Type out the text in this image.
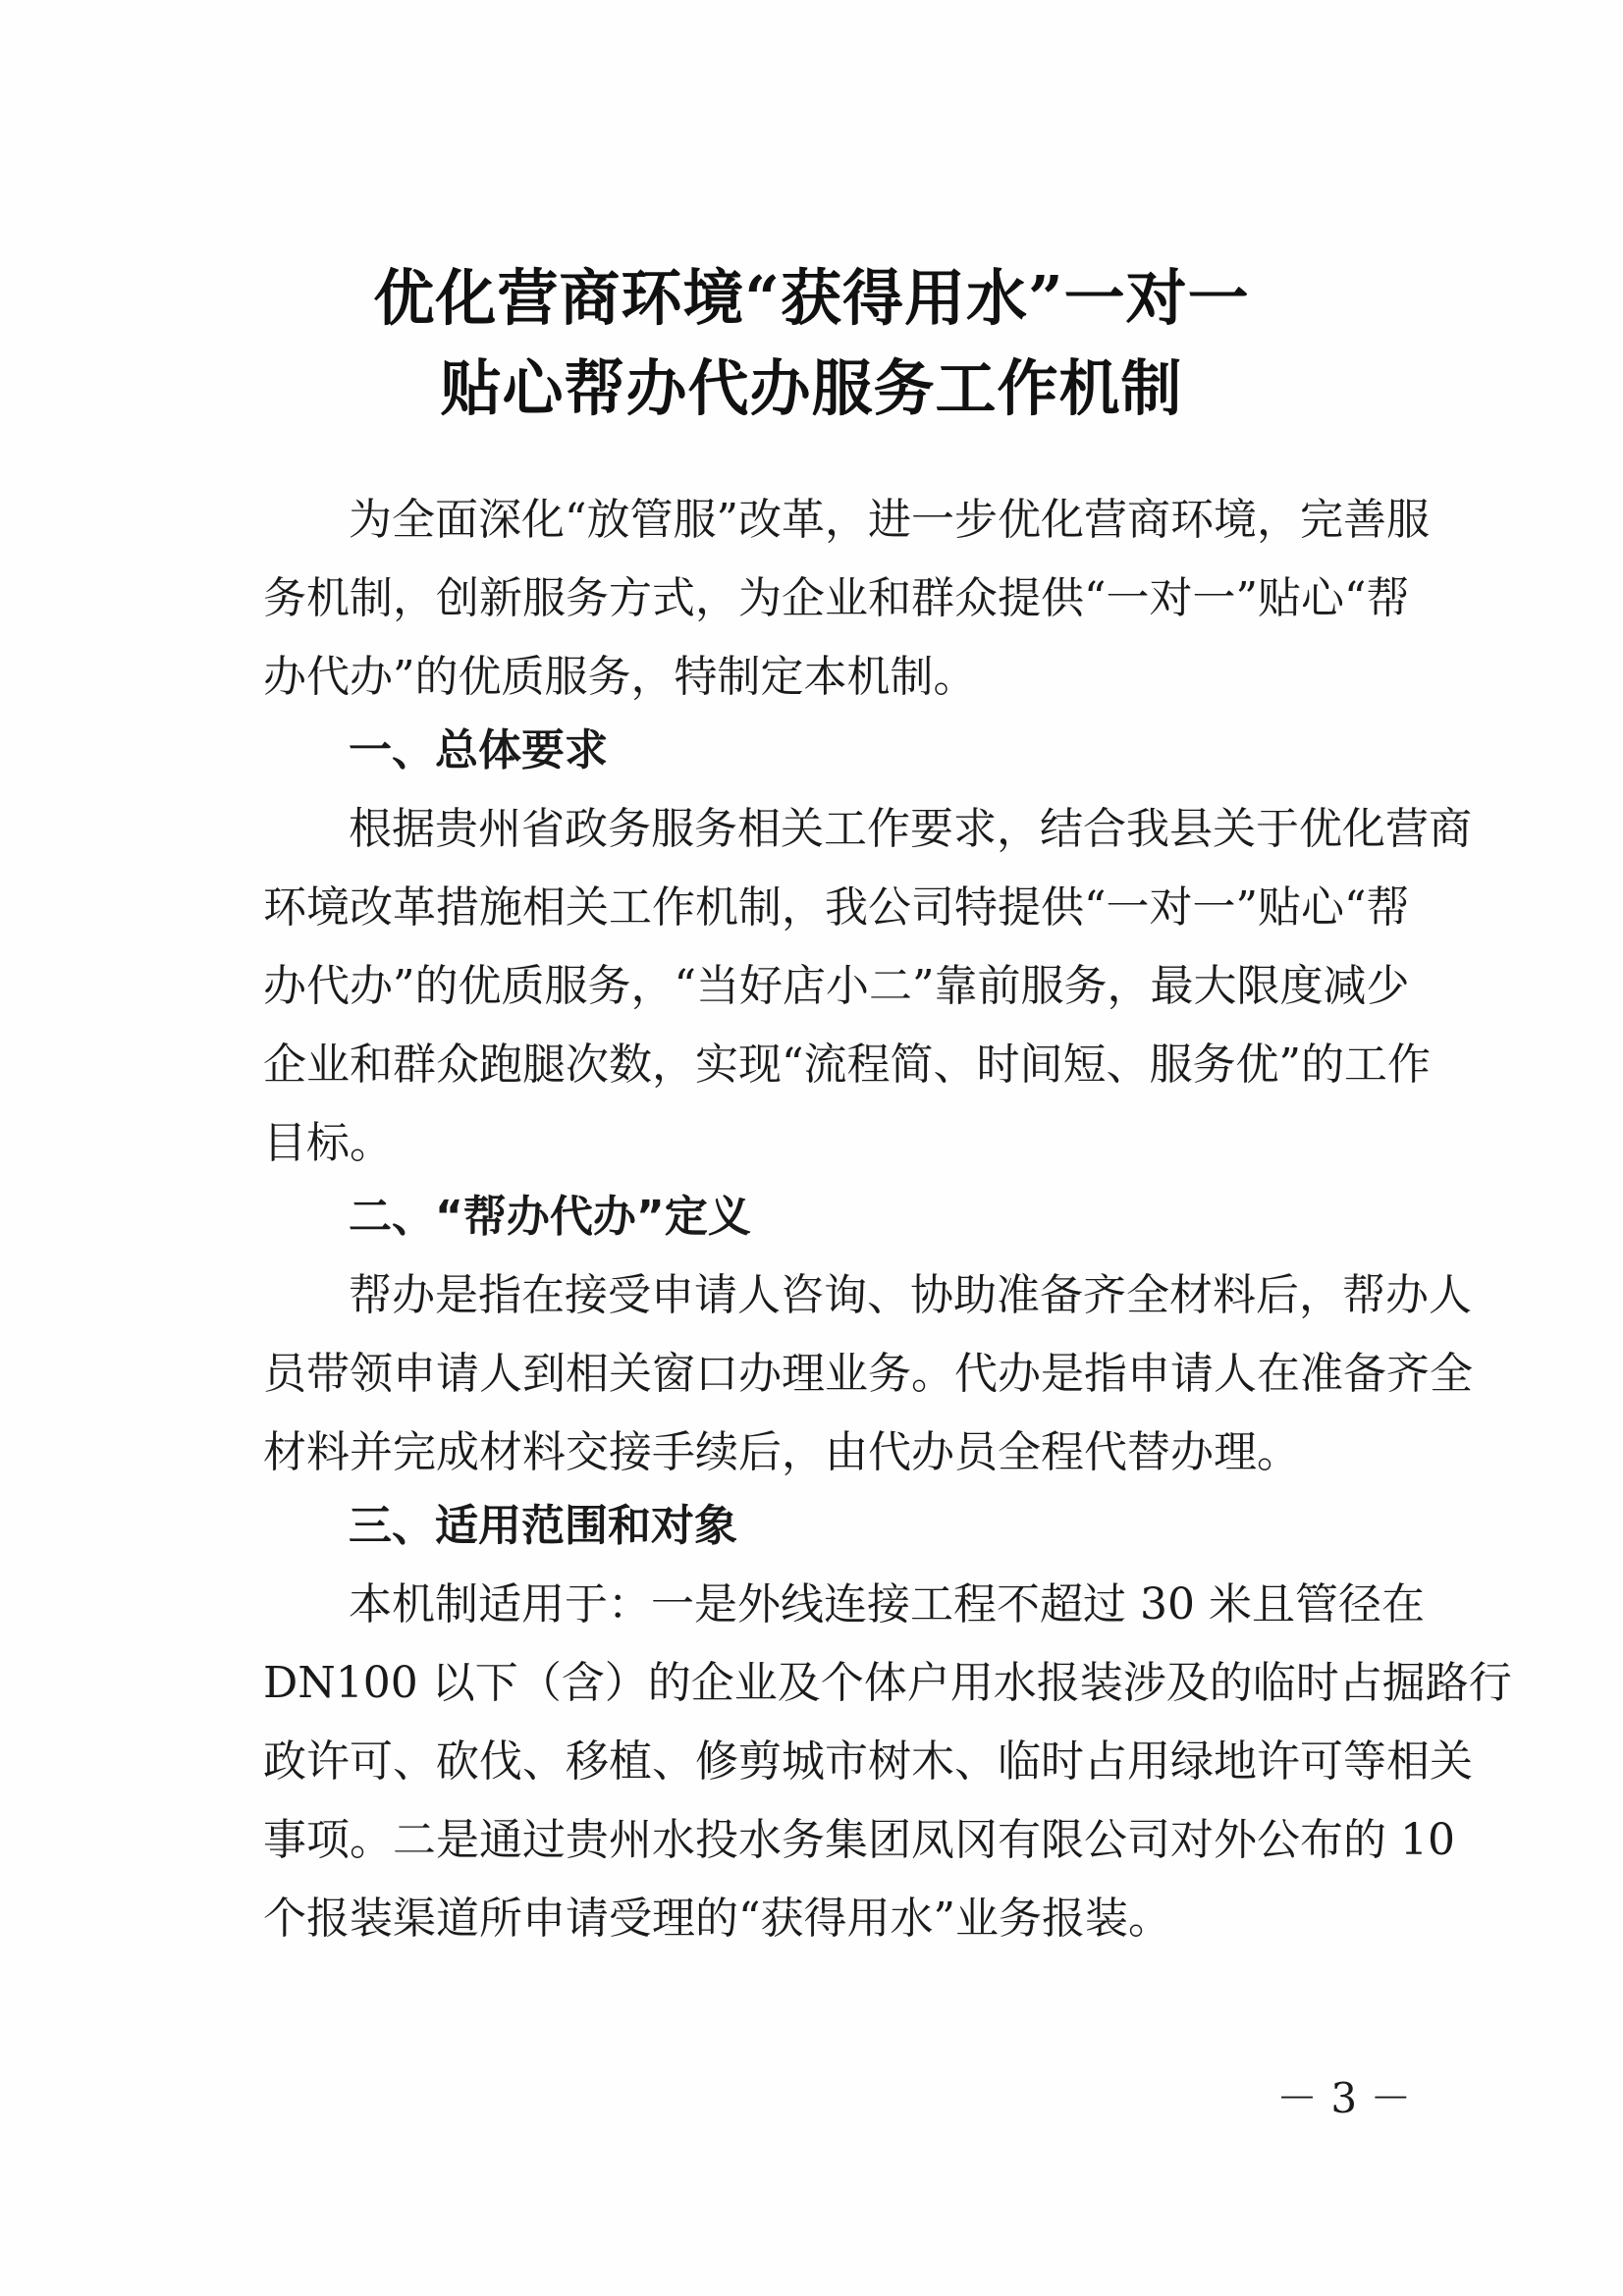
优化营商环境“获得用水”一对一
贴心帮办代办服务工作机制
为全面深化“放管服”改革，进一步优化营商环境，完善服
务机制，创新服务方式，为企业和群众提供“一对一”贴心“帮
办代办”的优质服务，特制定本机制。
一、总体要求
根据贵州省政务服务相关工作要求，结合我县关于优化营商
环境改革措施相关工作机制，我公司特提供“一对一”贴心“帮
办代办”的优质服务，“当好店小二”靠前服务，最大限度减少
企业和群众跑腿次数，实现“流程简、时间短、服务优”的工作
目标。
二、“帮办代办”定义
帮办是指在接受申请人咨询、协助准备齐全材料后，帮办人
员带领申请人到相关窗口办理业务。代办是指申请人在准备齐全
材料并完成材料交接手续后，由代办员全程代替办理。
三、适用范围和对象
本机制适用于：一是外线连接工程不超过 30 米且管径在
DN100 以下（含）的企业及个体户用水报装涉及的临时占掘路行
政许可、砍伐、移植、修剪城市树木、临时占用绿地许可等相关
事项。二是通过贵州水投水务集团凤冈有限公司对外公布的 10
个报装渠道所申请受理的“获得用水”业务报装。
－ 3 －
